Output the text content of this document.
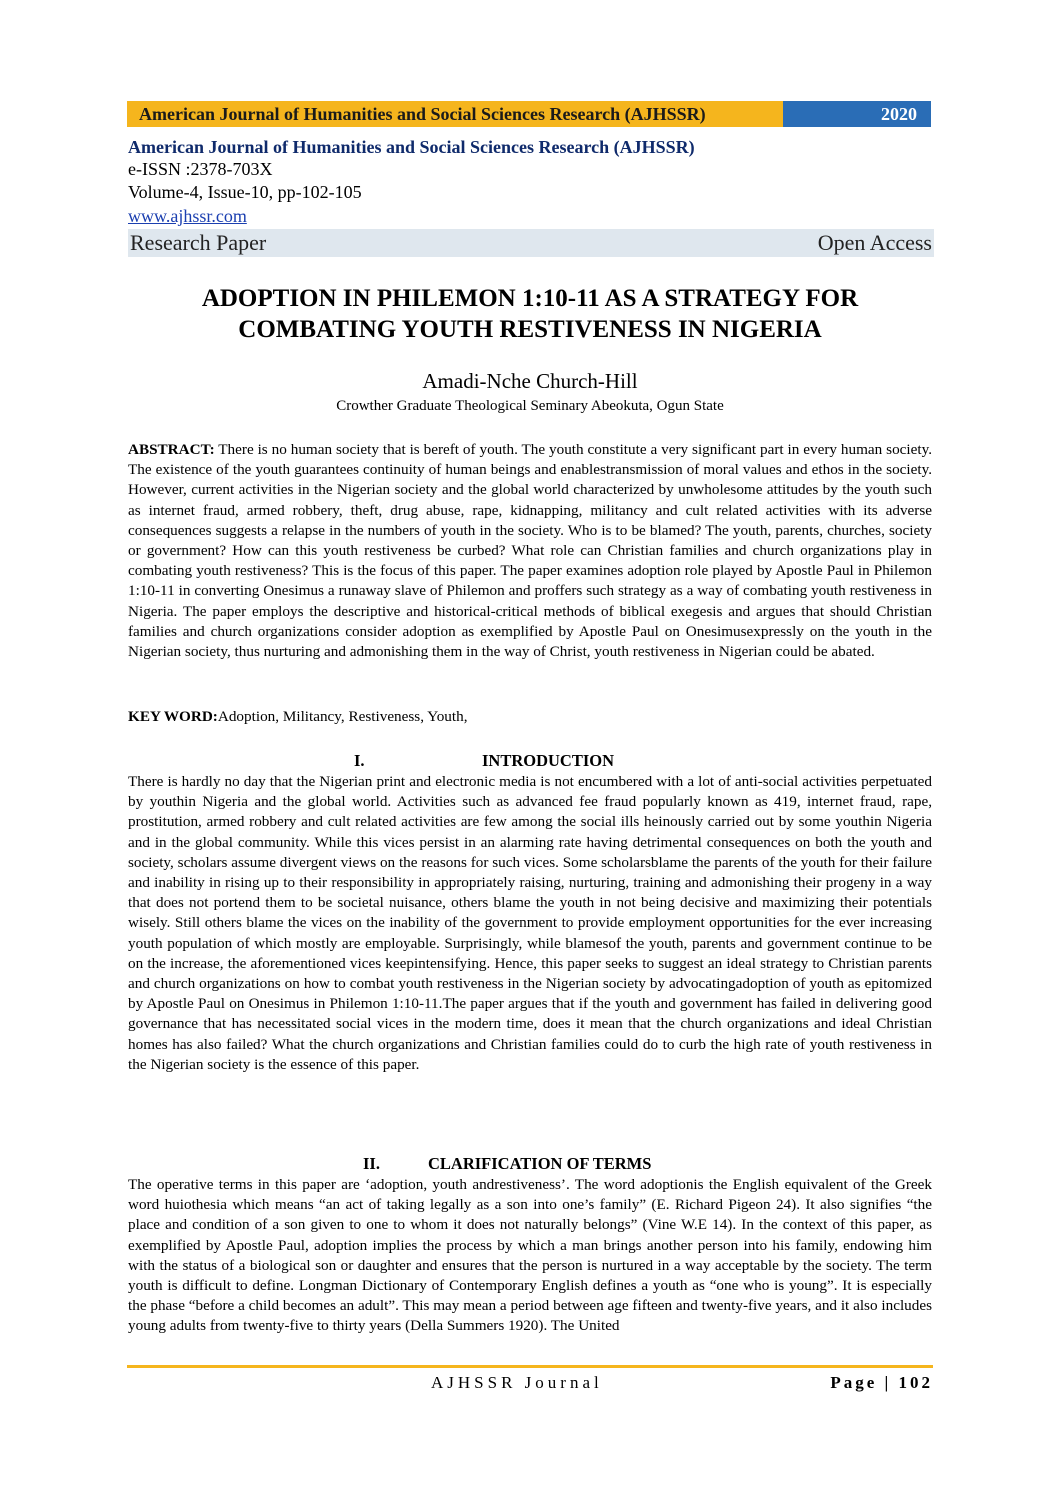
American Journal of Humanities and Social Sciences Research (AJHSSR)	2020
American Journal of Humanities and Social Sciences Research (AJHSSR)
e-ISSN :2378-703X
Volume-4, Issue-10, pp-102-105
www.ajhssr.com
Research Paper	Open Access
ADOPTION IN PHILEMON 1:10-11 AS A STRATEGY FOR
COMBATING YOUTH RESTIVENESS IN NIGERIA
Amadi-Nche Church-Hill
Crowther Graduate Theological Seminary Abeokuta, Ogun State
ABSTRACT: There is no human society that is bereft of youth. The youth constitute a very significant part in every human society. The existence of the youth guarantees continuity of human beings and enablestransmission of moral values and ethos in the society. However, current activities in the Nigerian society and the global world characterized by unwholesome attitudes by the youth such as internet fraud, armed robbery, theft, drug abuse, rape, kidnapping, militancy and cult related activities with its adverse consequences suggests a relapse in the numbers of youth in the society. Who is to be blamed? The youth, parents, churches, society or government? How can this youth restiveness be curbed? What role can Christian families and church organizations play in combating youth restiveness? This is the focus of this paper. The paper examines adoption role played by Apostle Paul in Philemon 1:10-11 in converting Onesimus a runaway slave of Philemon and proffers such strategy as a way of combating youth restiveness in Nigeria. The paper employs the descriptive and historical-critical methods of biblical exegesis and argues that should Christian families and church organizations consider adoption as exemplified by Apostle Paul on Onesimusexpressly on the youth in the Nigerian society, thus nurturing and admonishing them in the way of Christ, youth restiveness in Nigerian could be abated.
KEY WORD:Adoption, Militancy, Restiveness, Youth,
I.	INTRODUCTION
There is hardly no day that the Nigerian print and electronic media is not encumbered with a lot of anti-social activities perpetuated by youthin Nigeria and the global world. Activities such as advanced fee fraud popularly known as 419, internet fraud, rape, prostitution, armed robbery and cult related activities are few among the social ills heinously carried out by some youthin Nigeria and in the global community. While this vices persist in an alarming rate having detrimental consequences on both the youth and society, scholars assume divergent views on the reasons for such vices. Some scholarsblame the parents of the youth for their failure and inability in rising up to their responsibility in appropriately raising, nurturing, training and admonishing their progeny in a way that does not portend them to be societal nuisance, others blame the youth in not being decisive and maximizing their potentials wisely. Still others blame the vices on the inability of the government to provide employment opportunities for the ever increasing youth population of which mostly are employable. Surprisingly, while blamesof the youth, parents and government continue to be on the increase, the aforementioned vices keepintensifying. Hence, this paper seeks to suggest an ideal strategy to Christian parents and church organizations on how to combat youth restiveness in the Nigerian society by advocatingadoption of youth as epitomized by Apostle Paul on Onesimus in Philemon 1:10-11.The paper argues that if the youth and government has failed in delivering good governance that has necessitated social vices in the modern time, does it mean that the church organizations and ideal Christian homes has also failed? What the church organizations and Christian families could do to curb the high rate of youth restiveness in the Nigerian society is the essence of this paper.
II.	CLARIFICATION OF TERMS
The operative terms in this paper are ‘adoption, youth andrestiveness’. The word adoptionis the English equivalent of the Greek word huiothesia which means “an act of taking legally as a son into one’s family” (E. Richard Pigeon 24). It also signifies “the place and condition of a son given to one to whom it does not naturally belongs” (Vine W.E 14). In the context of this paper, as exemplified by Apostle Paul, adoption implies the process by which a man brings another person into his family, endowing him with the status of a biological son or daughter and ensures that the person is nurtured in a way acceptable by the society. The term youth is difficult to define. Longman Dictionary of Contemporary English defines a youth as “one who is young”. It is especially the phase “before a child becomes an adult”. This may mean a period between age fifteen and twenty-five years, and it also includes young adults from twenty-five to thirty years (Della Summers 1920). The United
AJHSSR Journal	Page | 102
